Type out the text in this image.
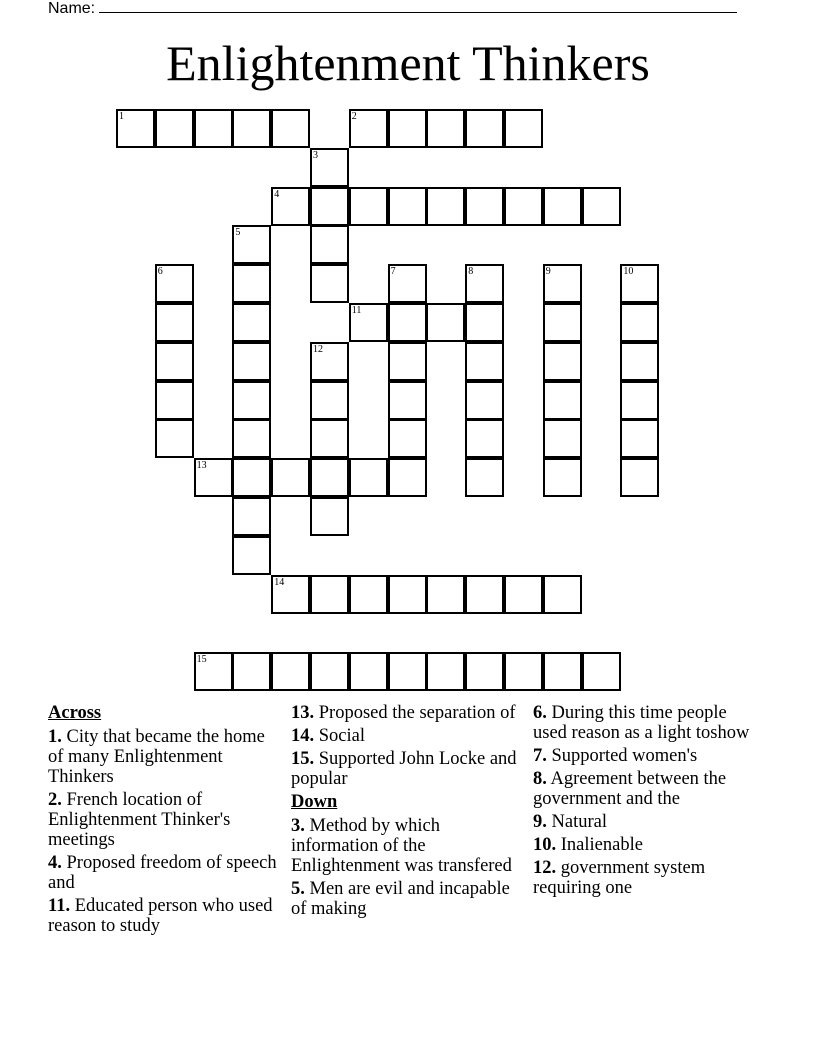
Name:
Enlightenment Thinkers
1	2
3
4
5
6	7	8	9	10
11
12
13
14
15
Across
1. City that became the home of many Enlightenment Thinkers
2. French location of Enlightenment Thinker's meetings
4. Proposed freedom of speech and
11. Educated person who used reason to study
13. Proposed the separation of
14. Social
15. Supported John Locke and popular
Down
3. Method by which information of the Enlightenment was transfered
5. Men are evil and incapable of making
6. During this time people used reason as a light toshow
7. Supported women's
8. Agreement between the government and the
9. Natural
10. Inalienable
12. government system requiring one
